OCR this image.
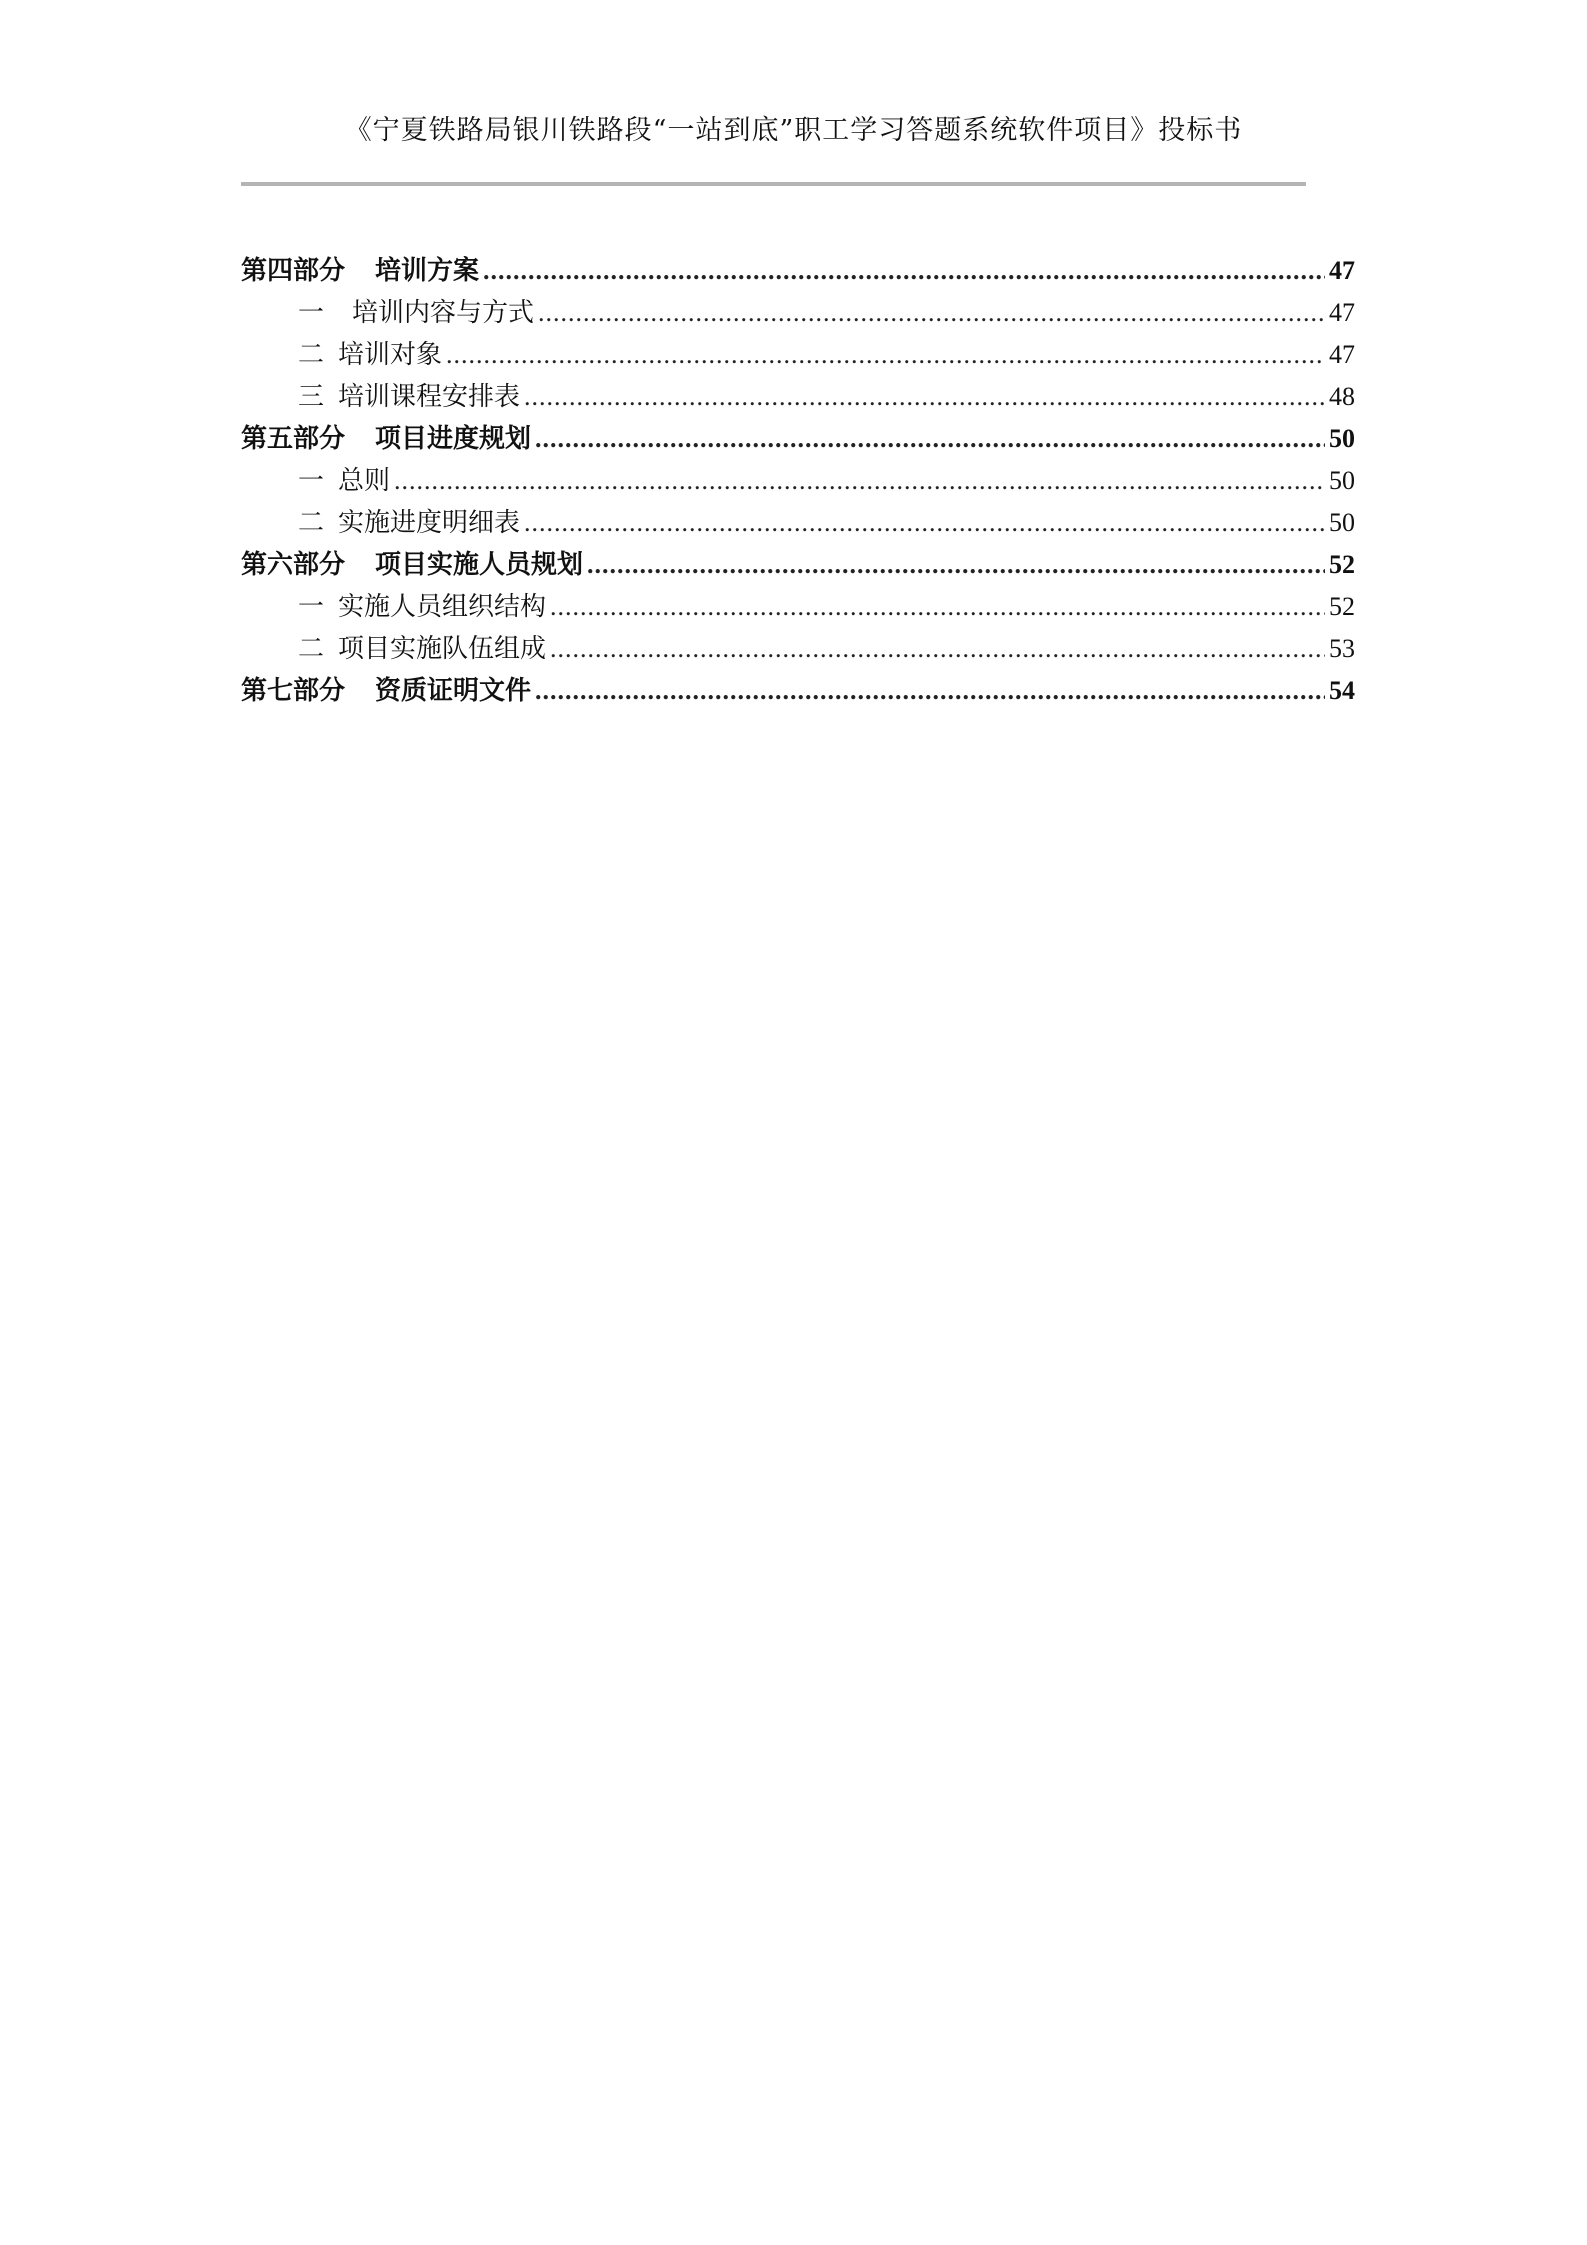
《宁夏铁路局银川铁路段“一站到底”职工学习答题系统软件项目》投标书
第四部分 培训方案 .....	47
一 培训内容与方式 .....	47
二 培训对象 .....	47
三 培训课程安排表 .....	48
第五部分 项目进度规划 .....	50
一 总则 .....	50
二 实施进度明细表 .....	50
第六部分 项目实施人员规划 .....	52
一 实施人员组织结构 .....	52
二 项目实施队伍组成 .....	53
第七部分 资质证明文件 .....	54
